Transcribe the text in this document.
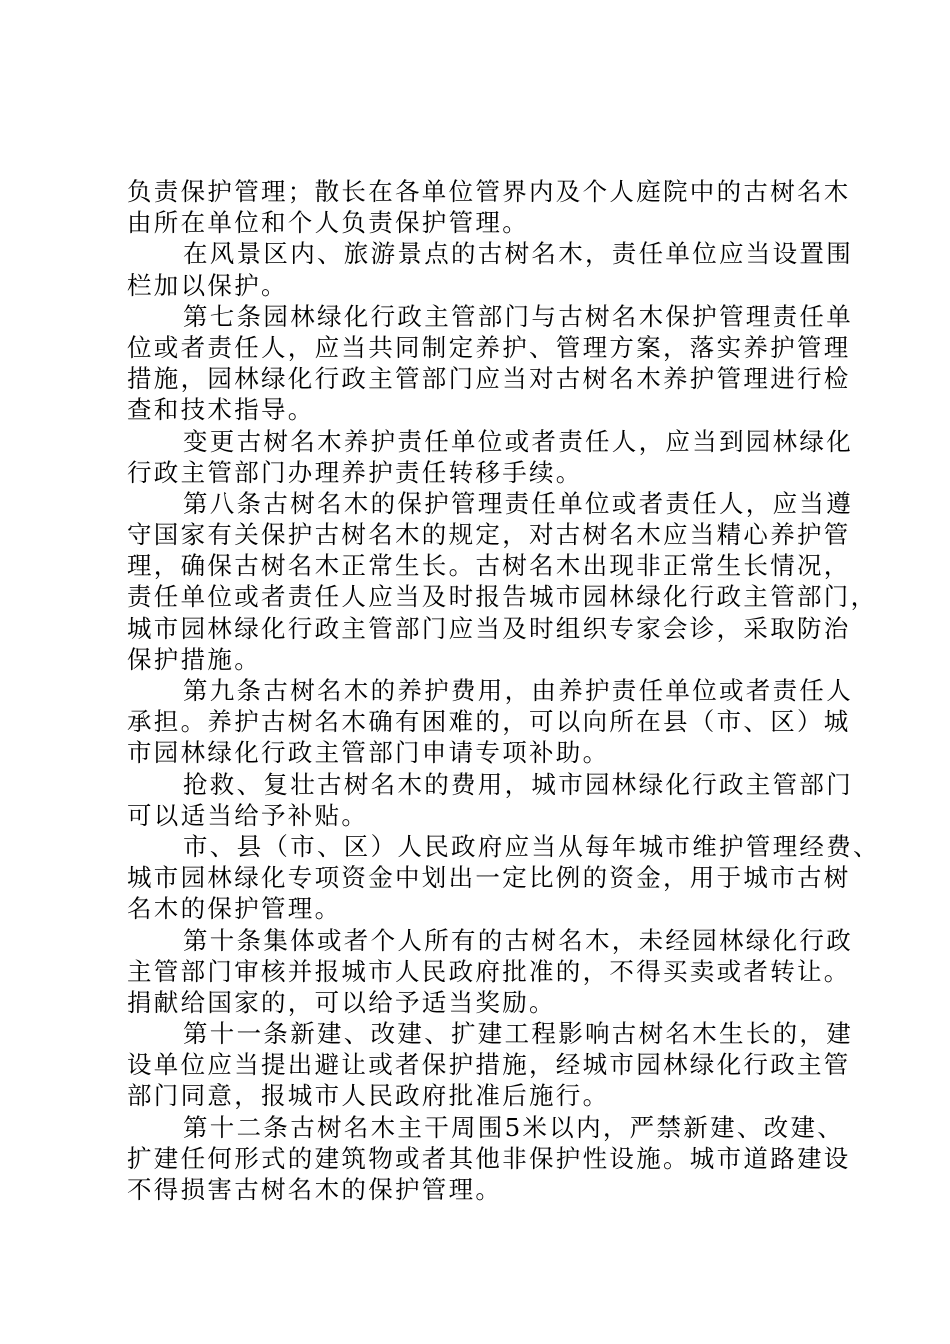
负责保护管理；散长在各单位管界内及个人庭院中的古树名木
由所在单位和个人负责保护管理。
在风景区内、旅游景点的古树名木，责任单位应当设置围
栏加以保护。
第七条园林绿化行政主管部门与古树名木保护管理责任单
位或者责任人，应当共同制定养护、管理方案，落实养护管理
措施，园林绿化行政主管部门应当对古树名木养护管理进行检
查和技术指导。
变更古树名木养护责任单位或者责任人，应当到园林绿化
行政主管部门办理养护责任转移手续。
第八条古树名木的保护管理责任单位或者责任人，应当遵
守国家有关保护古树名木的规定，对古树名木应当精心养护管
理，确保古树名木正常生长。古树名木出现非正常生长情况，
责任单位或者责任人应当及时报告城市园林绿化行政主管部门，
城市园林绿化行政主管部门应当及时组织专家会诊，采取防治
保护措施。
第九条古树名木的养护费用，由养护责任单位或者责任人
承担。养护古树名木确有困难的，可以向所在县（市、区）城
市园林绿化行政主管部门申请专项补助。
抢救、复壮古树名木的费用，城市园林绿化行政主管部门
可以适当给予补贴。
市、县（市、区）人民政府应当从每年城市维护管理经费、
城市园林绿化专项资金中划出一定比例的资金，用于城市古树
名木的保护管理。
第十条集体或者个人所有的古树名木，未经园林绿化行政
主管部门审核并报城市人民政府批准的，不得买卖或者转让。
捐献给国家的，可以给予适当奖励。
第十一条新建、改建、扩建工程影响古树名木生长的，建
设单位应当提出避让或者保护措施，经城市园林绿化行政主管
部门同意，报城市人民政府批准后施行。
第十二条古树名木主干周围5米以内，严禁新建、改建、
扩建任何形式的建筑物或者其他非保护性设施。城市道路建设
不得损害古树名木的保护管理。
